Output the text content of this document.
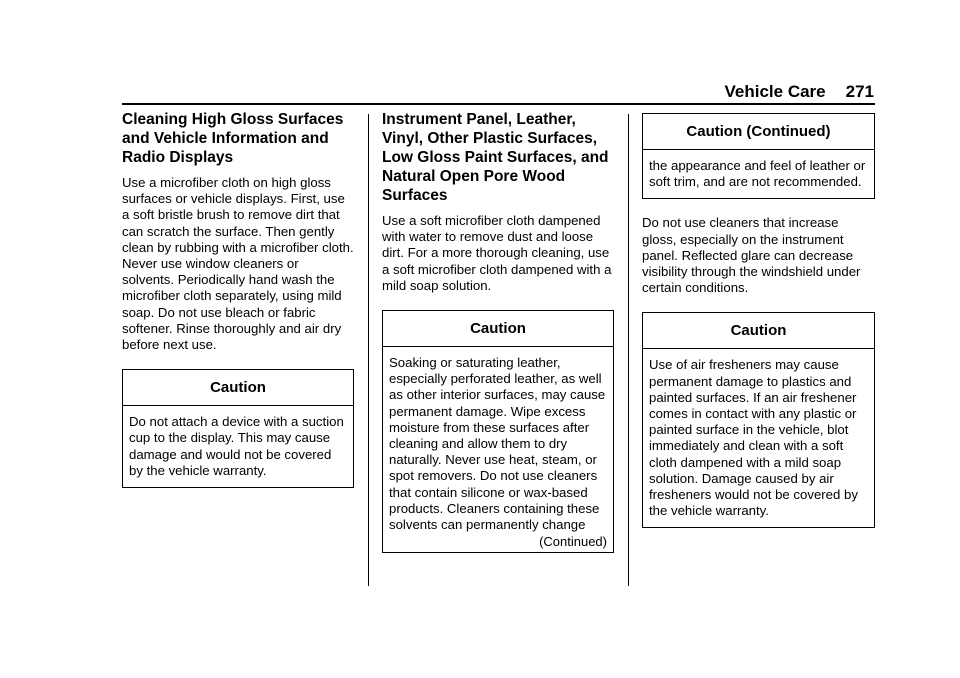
Vehicle Care 271
Cleaning High Gloss Surfaces and Vehicle Information and Radio Displays

Use a microfiber cloth on high gloss surfaces or vehicle displays. First, use a soft bristle brush to remove dirt that can scratch the surface. Then gently clean by rubbing with a microfiber cloth. Never use window cleaners or solvents. Periodically hand wash the microfiber cloth separately, using mild soap. Do not use bleach or fabric softener. Rinse thoroughly and air dry before next use.

Caution
Do not attach a device with a suction cup to the display. This may cause damage and would not be covered by the vehicle warranty.
Instrument Panel, Leather, Vinyl, Other Plastic Surfaces, Low Gloss Paint Surfaces, and Natural Open Pore Wood Surfaces

Use a soft microfiber cloth dampened with water to remove dust and loose dirt. For a more thorough cleaning, use a soft microfiber cloth dampened with a mild soap solution.

Caution
Soaking or saturating leather, especially perforated leather, as well as other interior surfaces, may cause permanent damage. Wipe excess moisture from these surfaces after cleaning and allow them to dry naturally. Never use heat, steam, or spot removers. Do not use cleaners that contain silicone or wax-based products. Cleaners containing these solvents can permanently change
(Continued)
Caution (Continued)
the appearance and feel of leather or soft trim, and are not recommended.

Do not use cleaners that increase gloss, especially on the instrument panel. Reflected glare can decrease visibility through the windshield under certain conditions.

Caution
Use of air fresheners may cause permanent damage to plastics and painted surfaces. If an air freshener comes in contact with any plastic or painted surface in the vehicle, blot immediately and clean with a soft cloth dampened with a mild soap solution. Damage caused by air fresheners would not be covered by the vehicle warranty.
